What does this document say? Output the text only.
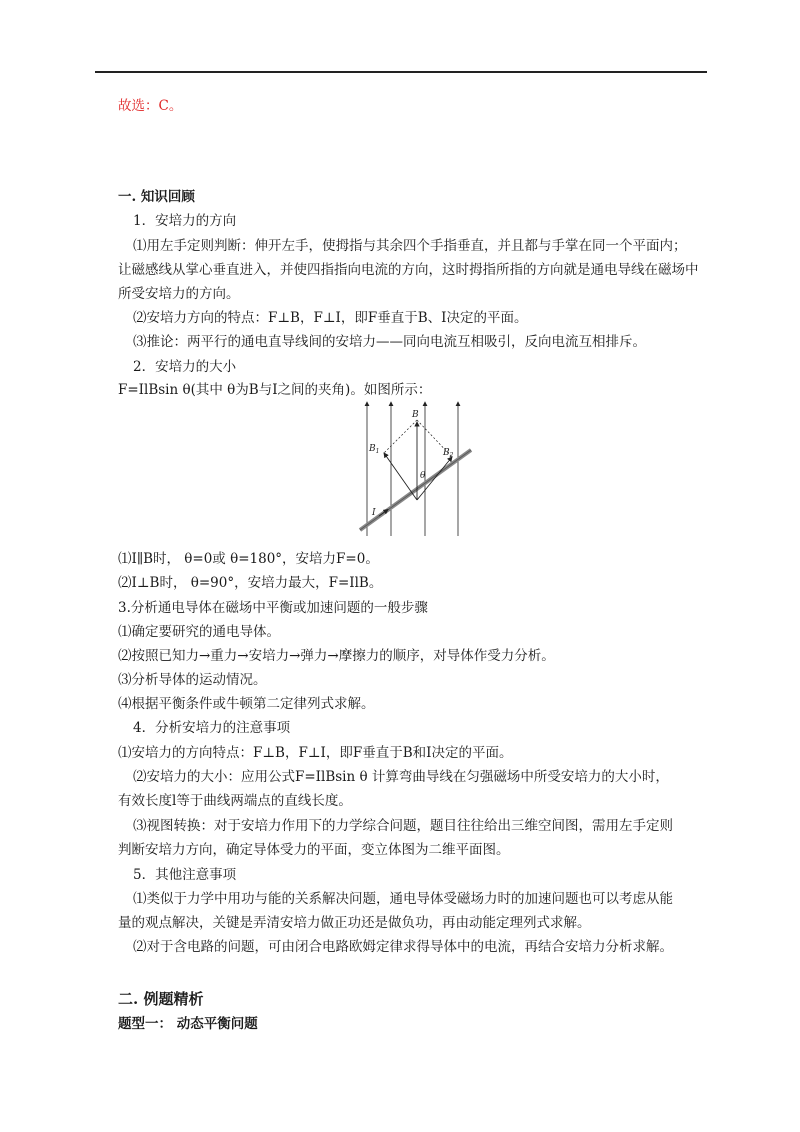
故选：C。
一. 知识回顾
1．安培力的方向
⑴用左手定则判断：伸开左手，使拇指与其余四个手指垂直，并且都与手掌在同一个平面内；
让磁感线从掌心垂直进入，并使四指指向电流的方向，这时拇指所指的方向就是通电导线在磁场中
所受安培力的方向。
⑵安培力方向的特点：F⊥B，F⊥I，即F垂直于B、I决定的平面。
⑶推论：两平行的通电直导线间的安培力——同向电流互相吸引，反向电流互相排斥。
2．安培力的大小
F=IlBsin θ(其中 θ为B与I之间的夹角)。如图所示：
B
$B_1$	$B_2$
θ
I
⑴I∥B时， θ=0或 θ=180°，安培力F=0。
⑵I⊥B时， θ=90°，安培力最大，F=IlB。
3.分析通电导体在磁场中平衡或加速问题的一般步骤
⑴确定要研究的通电导体。
⑵按照已知力→重力→安培力→弹力→摩擦力的顺序，对导体作受力分析。
⑶分析导体的运动情况。
⑷根据平衡条件或牛顿第二定律列式求解。
4．分析安培力的注意事项
⑴安培力的方向特点：F⊥B，F⊥I，即F垂直于B和I决定的平面。
⑵安培力的大小：应用公式F=IlBsin θ 计算弯曲导线在匀强磁场中所受安培力的大小时，
有效长度l等于曲线两端点的直线长度。
⑶视图转换：对于安培力作用下的力学综合问题，题目往往给出三维空间图，需用左手定则
判断安培力方向，确定导体受力的平面，变立体图为二维平面图。
5．其他注意事项
⑴类似于力学中用功与能的关系解决问题，通电导体受磁场力时的加速问题也可以考虑从能
量的观点解决，关键是弄清安培力做正功还是做负功，再由动能定理列式求解。
⑵对于含电路的问题，可由闭合电路欧姆定律求得导体中的电流，再结合安培力分析求解。
二. 例题精析
题型一： 动态平衡问题
